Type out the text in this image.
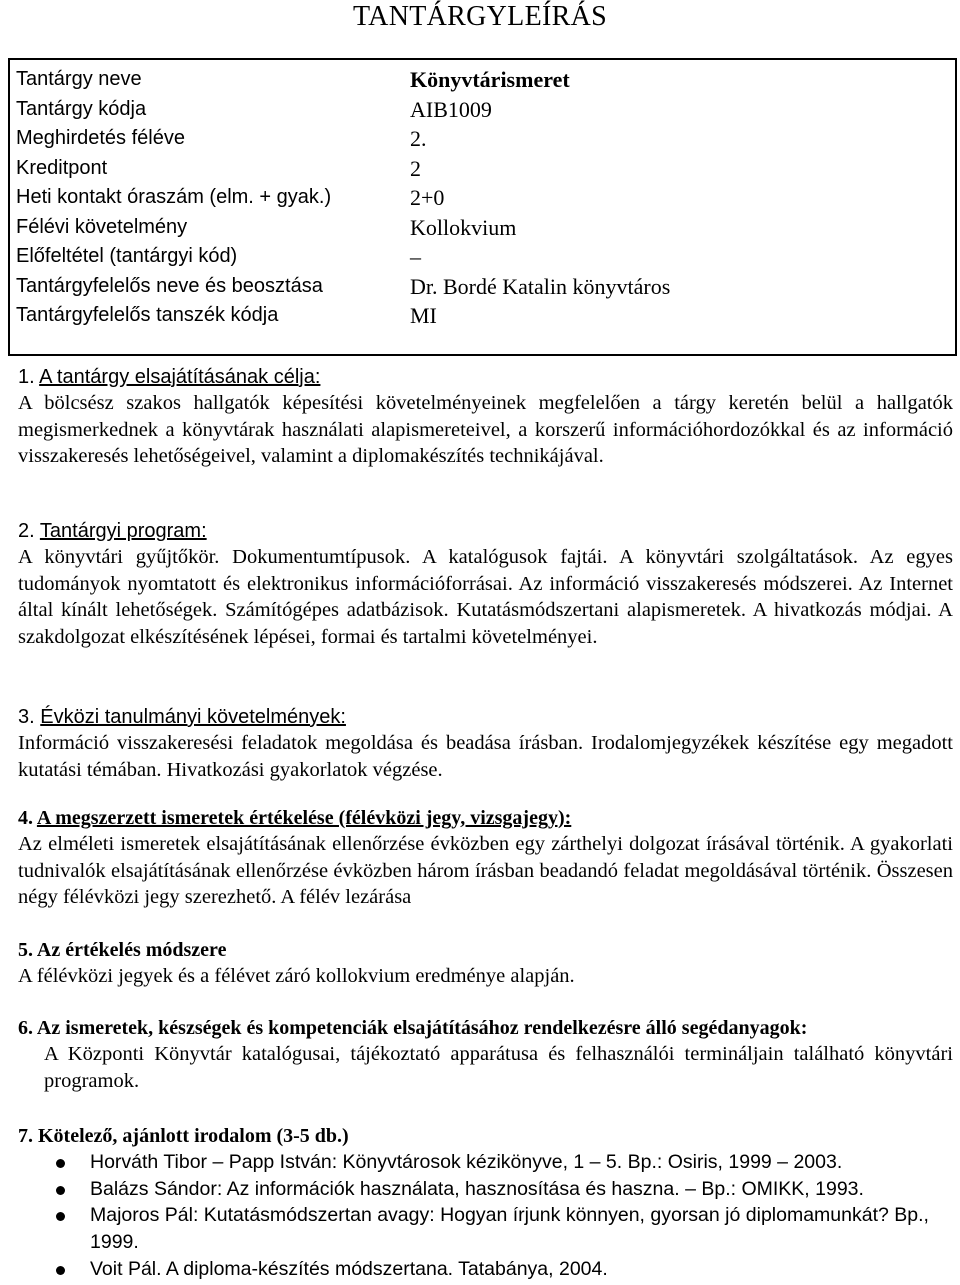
TANTÁRGYLEÍRÁS
Tantárgy neve	Könyvtárismeret
Tantárgy kódja	AIB1009
Meghirdetés féléve	2.
Kreditpont	2
Heti kontakt óraszám (elm. + gyak.)	2+0
Félévi követelmény	Kollokvium
Előfeltétel (tantárgyi kód)	–
Tantárgyfelelős neve és beosztása	Dr. Bordé Katalin könyvtáros
Tantárgyfelelős tanszék kódja	MI
1. A tantárgy elsajátításának célja:
A bölcsész szakos hallgatók képesítési követelményeinek megfelelően a tárgy keretén belül a hallgatók megismerkednek a könyvtárak használati alapismereteivel, a korszerű információhordozókkal és az információ visszakeresés lehetőségeivel, valamint a diplomakészítés technikájával.
2. Tantárgyi program:
A könyvtári gyűjtőkör. Dokumentumtípusok. A katalógusok fajtái. A könyvtári szolgáltatások. Az egyes tudományok nyomtatott és elektronikus információforrásai. Az információ visszakeresés módszerei. Az Internet által kínált lehetőségek. Számítógépes adatbázisok. Kutatásmódszertani alapismeretek. A hivatkozás módjai. A szakdolgozat elkészítésének lépései, formai és tartalmi követelményei.
3. Évközi tanulmányi követelmények:
Információ visszakeresési feladatok megoldása és beadása írásban. Irodalomjegyzékek készítése egy megadott kutatási témában. Hivatkozási gyakorlatok végzése.
4. A megszerzett ismeretek értékelése (félévközi jegy, vizsgajegy):
Az elméleti ismeretek elsajátításának ellenőrzése évközben egy zárthelyi dolgozat írásával történik. A gyakorlati tudnivalók elsajátításának ellenőrzése évközben három írásban beadandó feladat megoldásával történik. Összesen négy félévközi jegy szerezhető. A félév lezárása
5. Az értékelés módszere
A félévközi jegyek és a félévet záró kollokvium eredménye alapján.
6. Az ismeretek, készségek és kompetenciák elsajátításához rendelkezésre álló segédanyagok:
A Központi Könyvtár katalógusai, tájékoztató apparátusa és felhasználói termináljain található könyvtári programok.
7. Kötelező, ajánlott irodalom (3-5 db.)
Horváth Tibor – Papp István: Könyvtárosok kézikönyve, 1 – 5. Bp.: Osiris, 1999 – 2003.
Balázs Sándor: Az információk használata, hasznosítása és haszna. – Bp.: OMIKK, 1993.
Majoros Pál: Kutatásmódszertan avagy: Hogyan írjunk könnyen, gyorsan jó diplomamunkát? Bp., 1999.
Voit Pál. A diploma-készítés módszertana. Tatabánya, 2004.
